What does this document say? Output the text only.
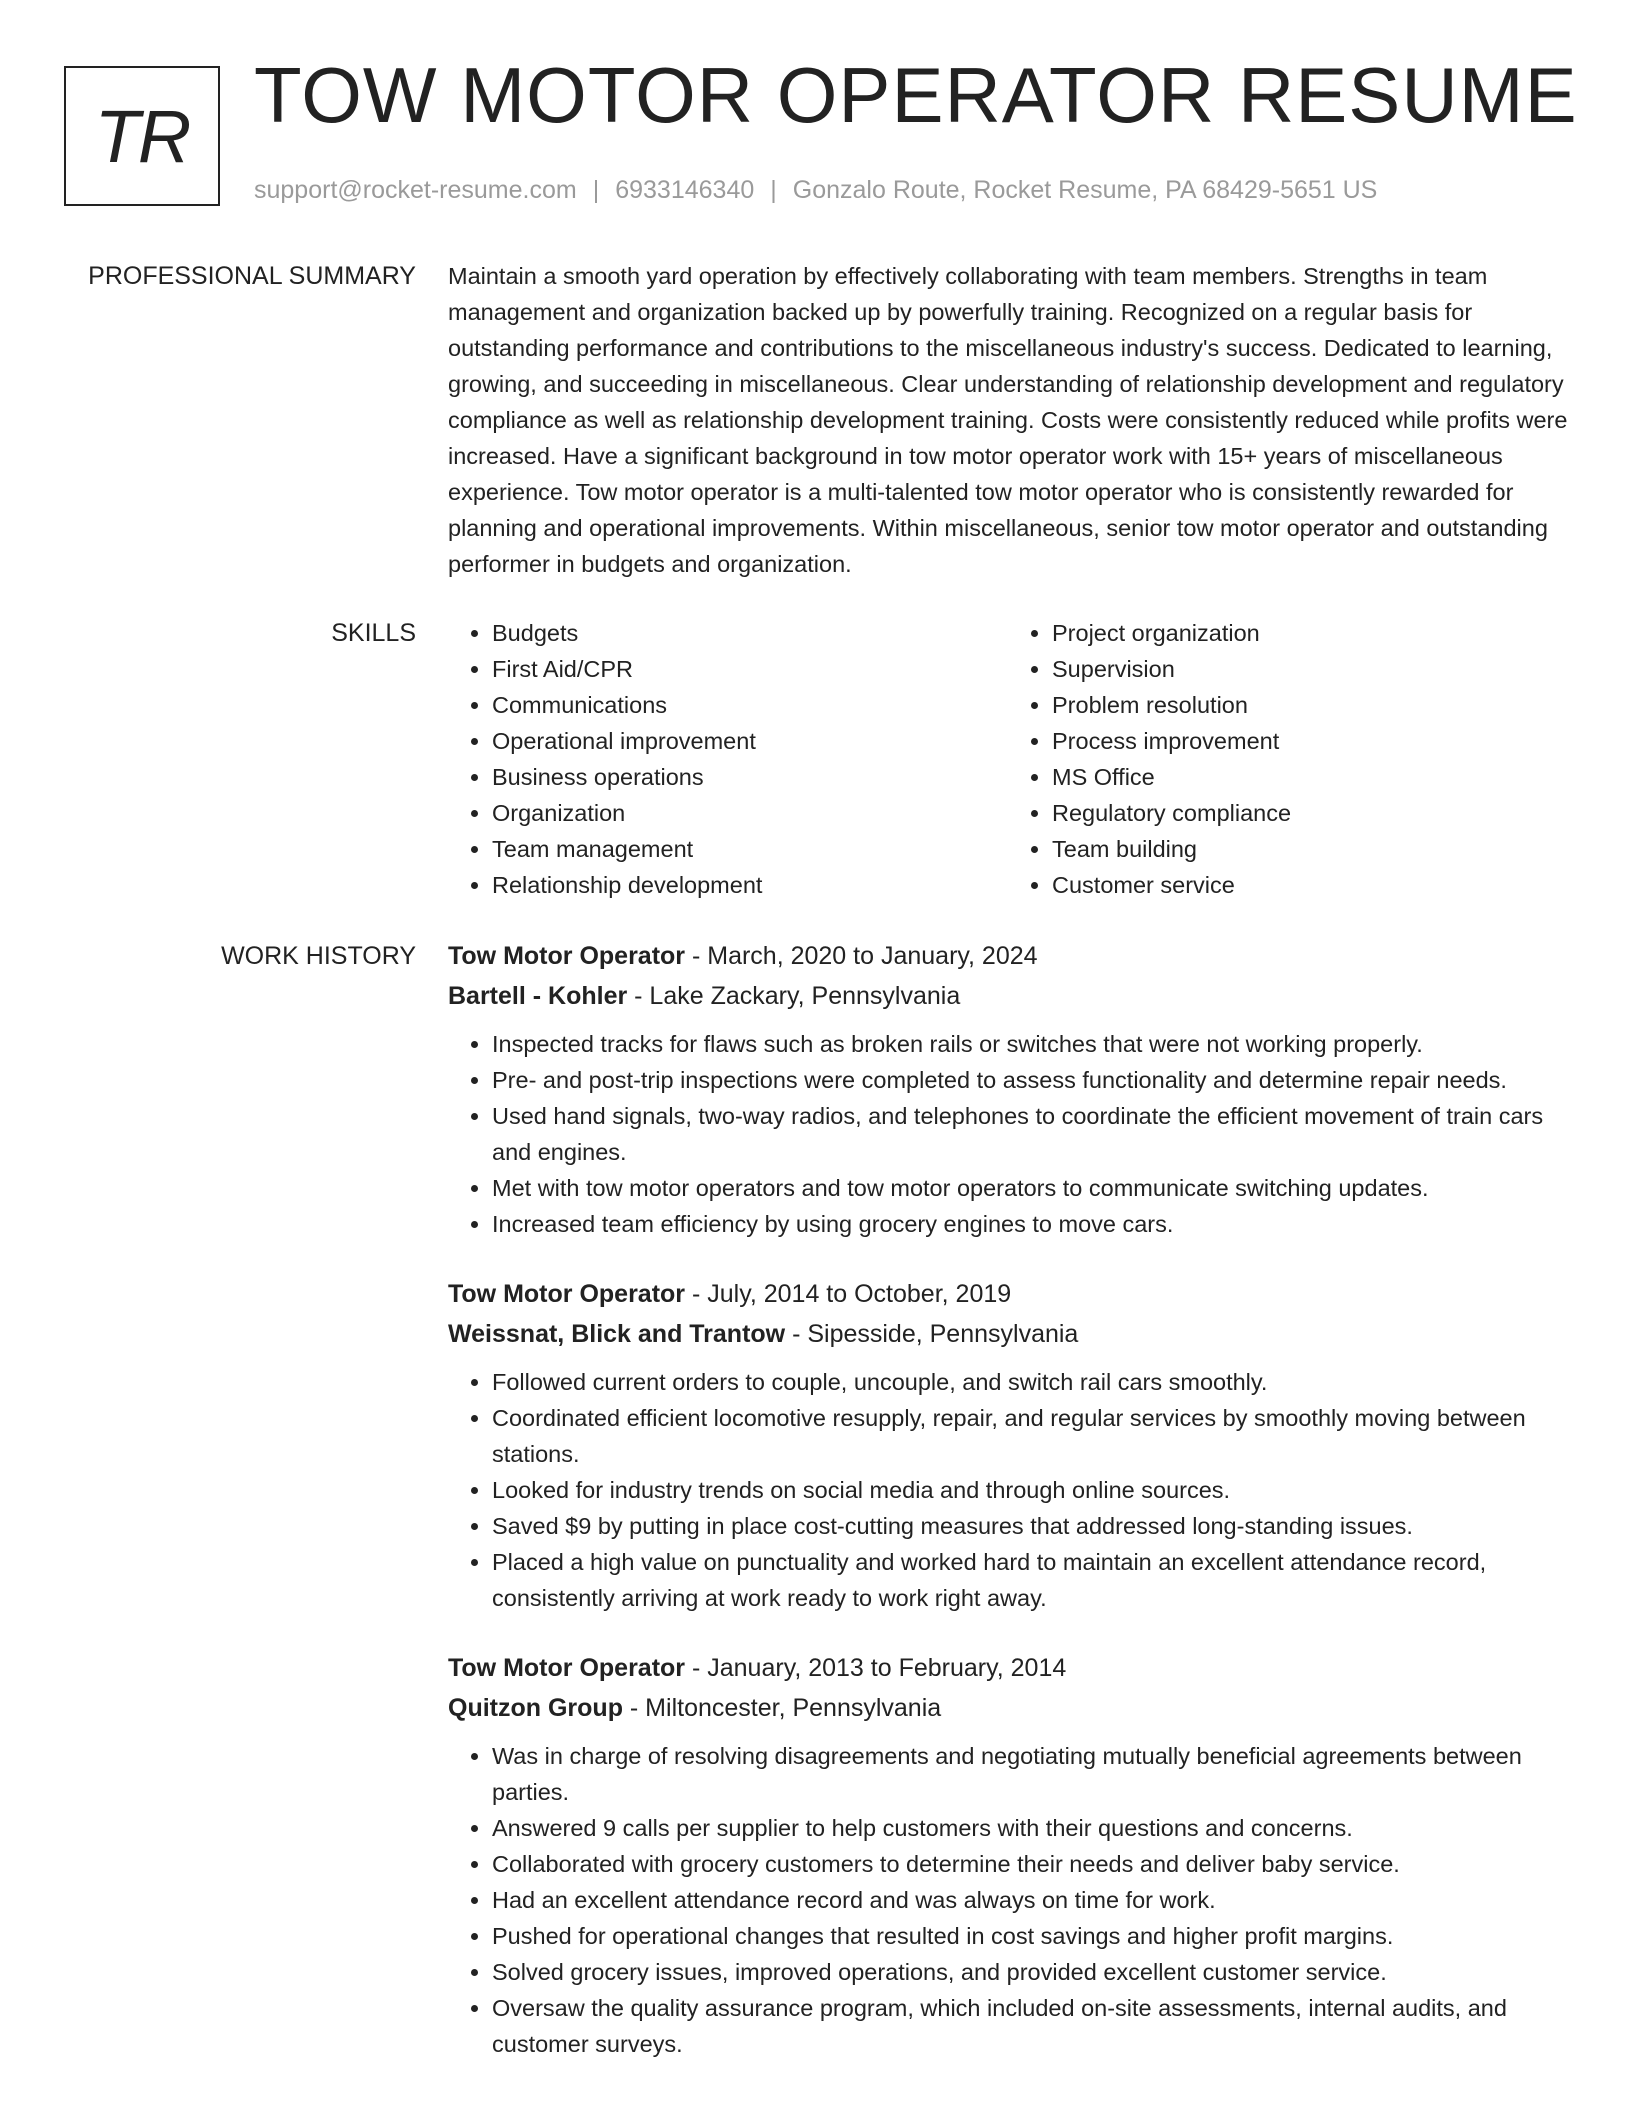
TR TOW MOTOR OPERATOR RESUME
support@rocket-resume.com | 6933146340 | Gonzalo Route, Rocket Resume, PA 68429-5651 US
PROFESSIONAL SUMMARY Maintain a smooth yard operation by effectively collaborating with team members. Strengths in team management and organization backed up by powerfully training. Recognized on a regular basis for outstanding performance and contributions to the miscellaneous industry's success. Dedicated to learning, growing, and succeeding in miscellaneous. Clear understanding of relationship development and regulatory compliance as well as relationship development training. Costs were consistently reduced while profits were increased. Have a significant background in tow motor operator work with 15+ years of miscellaneous experience. Tow motor operator is a multi-talented tow motor operator who is consistently rewarded for planning and operational improvements. Within miscellaneous, senior tow motor operator and outstanding performer in budgets and organization.

SKILLS
•	Budgets
• First Aid/CPR
• Communications
• Operational improvement
• Business operations
• Organization
• Team management
• Relationship development
• Project organization
• Supervision
• Problem resolution
• Process improvement
• MS Office
• Regulatory compliance
• Team building
• Customer service
WORK HISTORY Tow Motor Operator - March, 2020 to January, 2024
Bartell - Kohler - Lake Zackary, Pennsylvania
• Inspected tracks for flaws such as broken rails or switches that were not working properly.
• Pre- and post-trip inspections were completed to assess functionality and determine repair needs.
• Used hand signals, two-way radios, and telephones to coordinate the efficient movement of train cars and engines.
• Met with tow motor operators and tow motor operators to communicate switching updates.
• Increased team efficiency by using grocery engines to move cars.
Tow Motor Operator - July, 2014 to October, 2019
Weissnat, Blick and Trantow - Sipesside, Pennsylvania
• Followed current orders to couple, uncouple, and switch rail cars smoothly.
• Coordinated efficient locomotive resupply, repair, and regular services by smoothly moving between stations.
• Looked for industry trends on social media and through online sources.
• Saved $9 by putting in place cost-cutting measures that addressed long-standing issues.
• Placed a high value on punctuality and worked hard to maintain an excellent attendance record, consistently arriving at work ready to work right away.
Tow Motor Operator - January, 2013 to February, 2014
Quitzon Group - Miltoncester, Pennsylvania
• Was in charge of resolving disagreements and negotiating mutually beneficial agreements between parties.
• Answered 9 calls per supplier to help customers with their questions and concerns.
• Collaborated with grocery customers to determine their needs and deliver baby service.
• Had an excellent attendance record and was always on time for work.
• Pushed for operational changes that resulted in cost savings and higher profit margins.
• Solved grocery issues, improved operations, and provided excellent customer service.
• Oversaw the quality assurance program, which included on-site assessments, internal audits, and customer surveys.
